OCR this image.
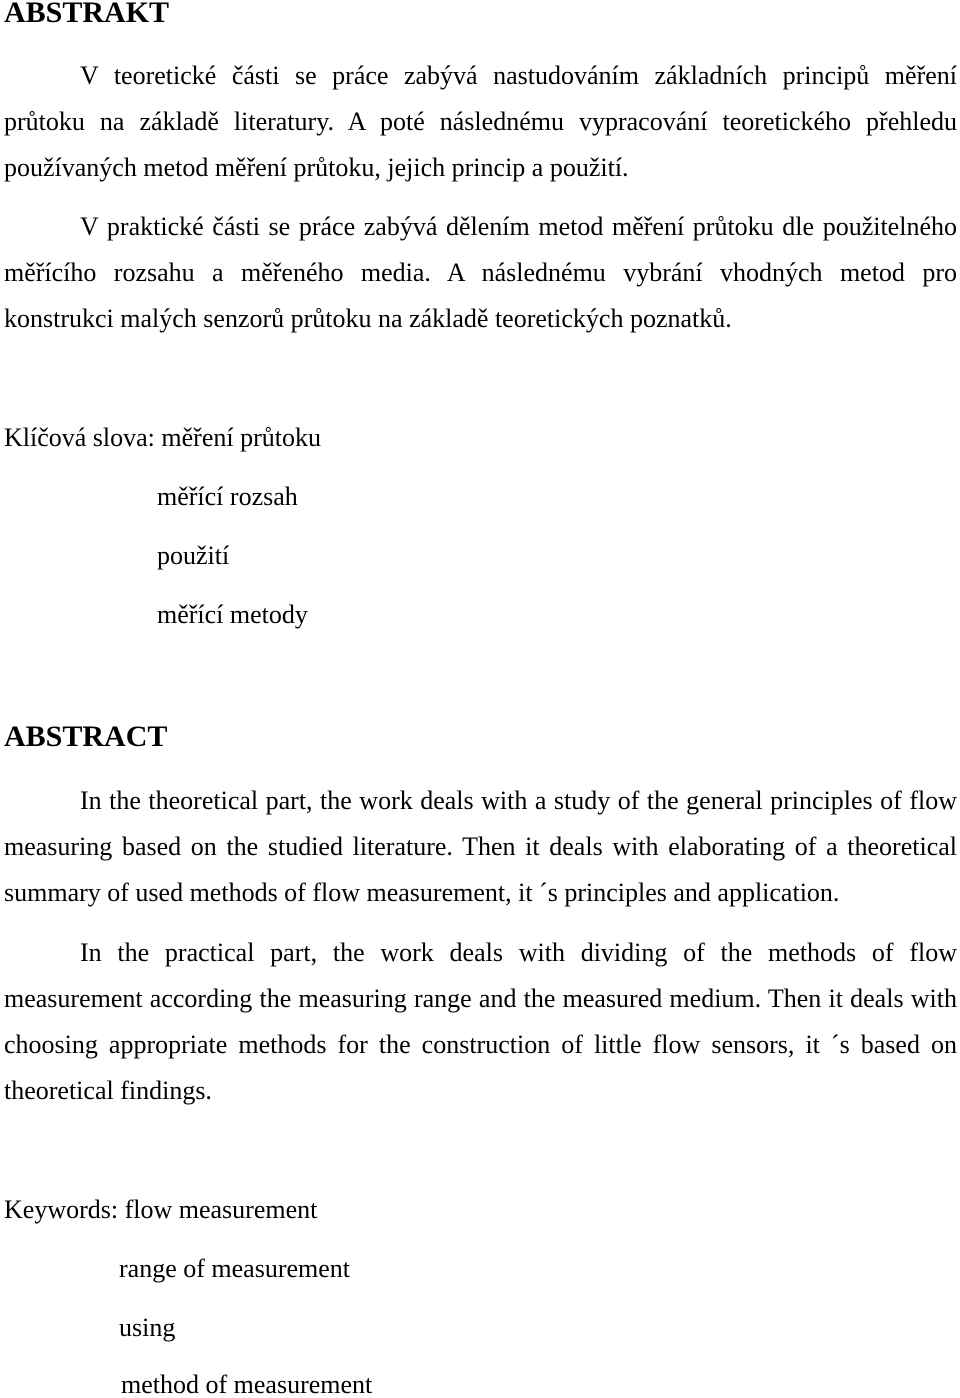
ABSTRAKT
V teoretické části se práce zabývá nastudováním základních principů měření
průtoku na základě literatury. A poté následnému vypracování teoretického přehledu
používaných metod měření průtoku, jejich princip a použití.
V praktické části se práce zabývá dělením metod měření průtoku dle použitelného
měřícího rozsahu a měřeného media. A následnému vybrání vhodných metod pro
konstrukci malých senzorů průtoku na základě teoretických poznatků.
Klíčová slova: měření průtoku
měřící rozsah
použití
měřící metody
ABSTRACT
In the theoretical part, the work deals with a study of the general principles of flow
measuring based on the studied literature. Then it deals with elaborating of a theoretical
summary of used methods of flow measurement, it ´s principles and application.
In the practical part, the work deals with dividing of the methods of flow
measurement according the measuring range and the measured medium. Then it deals with
choosing appropriate methods for the construction of little flow sensors, it ´s based on
theoretical findings.
Keywords: flow measurement
range of measurement
using
method of measurement
